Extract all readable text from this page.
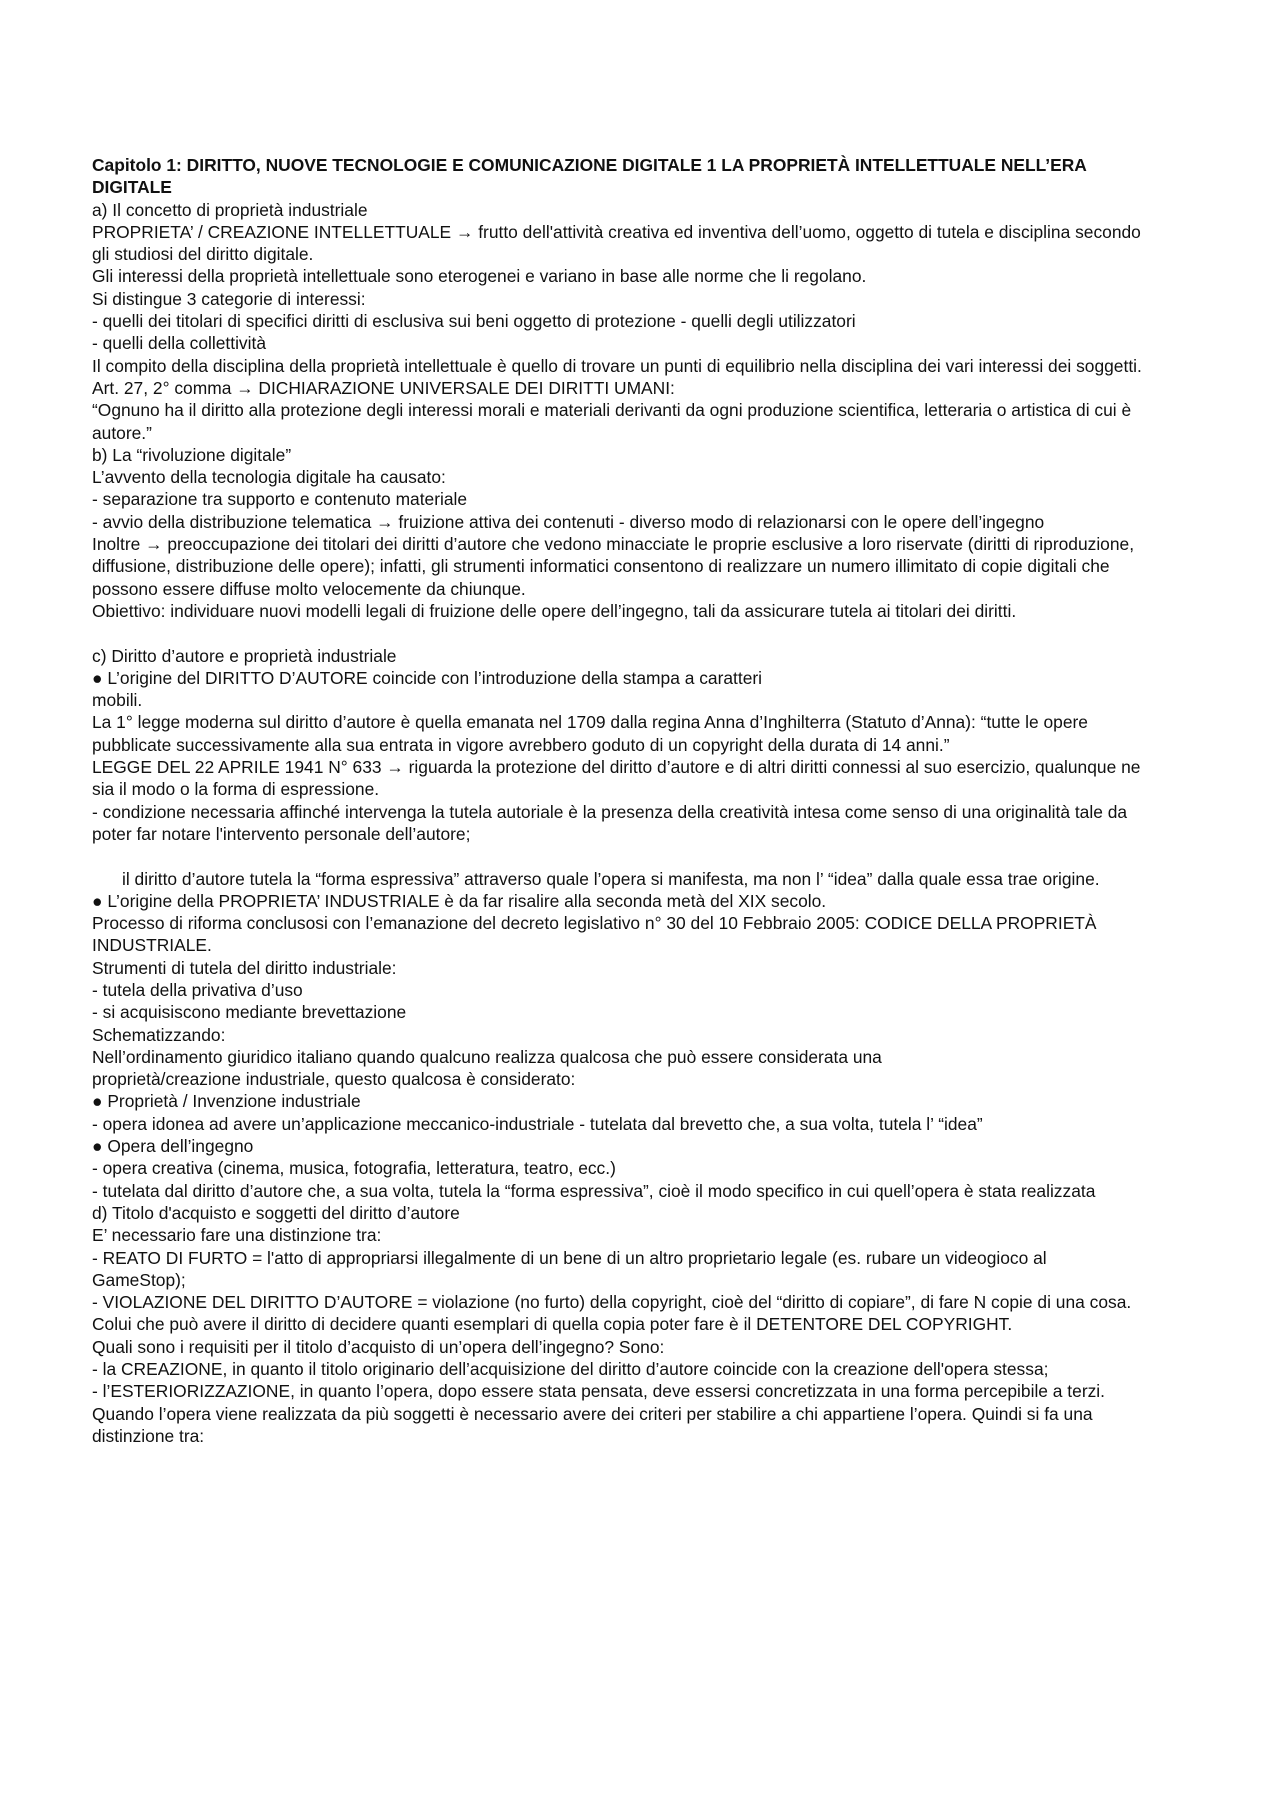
Capitolo 1: DIRITTO, NUOVE TECNOLOGIE E COMUNICAZIONE DIGITALE 1 LA PROPRIETÀ INTELLETTUALE NELL’ERA DIGITALE

a) Il concetto di proprietà industriale

PROPRIETA’ / CREAZIONE INTELLETTUALE → frutto dell'attività creativa ed inventiva dell’uomo, oggetto di tutela e disciplina secondo gli studiosi del diritto digitale.

Gli interessi della proprietà intellettuale sono eterogenei e variano in base alle norme che li regolano.

Si distingue 3 categorie di interessi:

- quelli dei titolari di specifici diritti di esclusiva sui beni oggetto di protezione - quelli degli utilizzatori

- quelli della collettività

Il compito della disciplina della proprietà intellettuale è quello di trovare un punti di equilibrio nella disciplina dei vari interessi dei soggetti.

Art. 27, 2° comma → DICHIARAZIONE UNIVERSALE DEI DIRITTI UMANI:

“Ognuno ha il diritto alla protezione degli interessi morali e materiali derivanti da ogni produzione scientifica, letteraria o artistica di cui è autore.”

b) La “rivoluzione digitale”

L’avvento della tecnologia digitale ha causato:

- separazione tra supporto e contenuto materiale

- avvio della distribuzione telematica → fruizione attiva dei contenuti - diverso modo di relazionarsi con le opere dell’ingegno

Inoltre → preoccupazione dei titolari dei diritti d’autore che vedono minacciate le proprie esclusive a loro riservate (diritti di riproduzione, diffusione, distribuzione delle opere); infatti, gli strumenti informatici consentono di realizzare un numero illimitato di copie digitali che possono essere diffuse molto velocemente da chiunque.

Obiettivo: individuare nuovi modelli legali di fruizione delle opere dell’ingegno, tali da assicurare tutela ai titolari dei diritti.

c) Diritto d’autore e proprietà industriale

● L’origine del DIRITTO D’AUTORE coincide con l’introduzione della stampa a caratteri

mobili.

La 1° legge moderna sul diritto d’autore è quella emanata nel 1709 dalla regina Anna d’Inghilterra (Statuto d’Anna): “tutte le opere pubblicate successivamente alla sua entrata in vigore avrebbero goduto di un copyright della durata di 14 anni.”

LEGGE DEL 22 APRILE 1941 N° 633 → riguarda la protezione del diritto d’autore e di altri diritti connessi al suo esercizio, qualunque ne sia il modo o la forma di espressione.

- condizione necessaria affinché intervenga la tutela autoriale è la presenza della creatività intesa come senso di una originalità tale da poter far notare l'intervento personale dell’autore;

il diritto d’autore tutela la “forma espressiva” attraverso quale l’opera si manifesta, ma non l’ “idea” dalla quale essa trae origine.

● L’origine della PROPRIETA’ INDUSTRIALE è da far risalire alla seconda metà del XIX secolo.

Processo di riforma conclusosi con l’emanazione del decreto legislativo n° 30 del 10 Febbraio 2005: CODICE DELLA PROPRIETÀ INDUSTRIALE.

Strumenti di tutela del diritto industriale:

- tutela della privativa d’uso

- si acquisiscono mediante brevettazione

Schematizzando:

Nell’ordinamento giuridico italiano quando qualcuno realizza qualcosa che può essere considerata una

proprietà/creazione industriale, questo qualcosa è considerato:

● Proprietà / Invenzione industriale

- opera idonea ad avere un’applicazione meccanico-industriale - tutelata dal brevetto che, a sua volta, tutela l’ “idea”

● Opera dell’ingegno

- opera creativa (cinema, musica, fotografia, letteratura, teatro, ecc.)

- tutelata dal diritto d’autore che, a sua volta, tutela la “forma espressiva”, cioè il modo specifico in cui quell’opera è stata realizzata

d) Titolo d'acquisto e soggetti del diritto d’autore

E’ necessario fare una distinzione tra:

- REATO DI FURTO = l'atto di appropriarsi illegalmente di un bene di un altro proprietario legale (es. rubare un videogioco al GameStop);

- VIOLAZIONE DEL DIRITTO D’AUTORE = violazione (no furto) della copyright, cioè del “diritto di copiare”, di fare N copie di una cosa.

Colui che può avere il diritto di decidere quanti esemplari di quella copia poter fare è il DETENTORE DEL COPYRIGHT.

Quali sono i requisiti per il titolo d’acquisto di un’opera dell’ingegno? Sono:

- la CREAZIONE, in quanto il titolo originario dell’acquisizione del diritto d’autore coincide con la creazione dell'opera stessa;

- l’ESTERIORIZZAZIONE, in quanto l’opera, dopo essere stata pensata, deve essersi concretizzata in una forma percepibile a terzi.

Quando l’opera viene realizzata da più soggetti è necessario avere dei criteri per stabilire a chi appartiene l’opera. Quindi si fa una distinzione tra:
